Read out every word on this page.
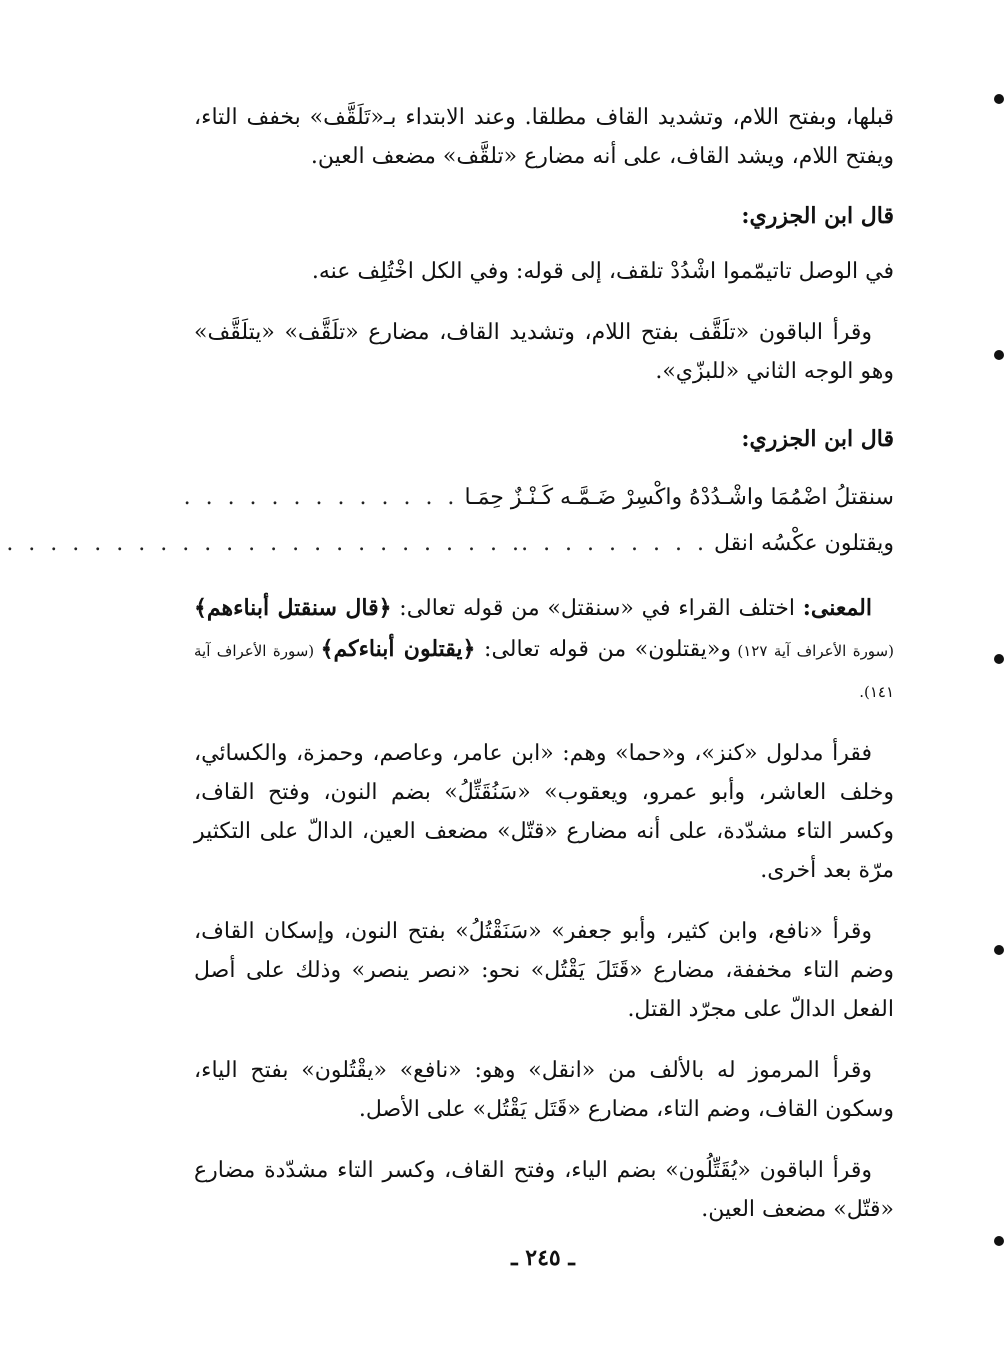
قبلها، وبفتح اللام، وتشديد القاف مطلقا. وعند الابتداء بـ«تَلَقَّف» بخفف التاء، ويفتح اللام، ويشد القاف، على أنه مضارع «تلقَّف» مضعف العين.

قال ابن الجزري:

في الوصل تاتيمّموا اشْدُدْ تلقف، إلى قوله: وفي الكل اخْتُلِف عنه.

وقرأ الباقون «تلَقَّف بفتح اللام، وتشديد القاف، مضارع «تلَقَّف» «يتلَقَّف» وهو الوجه الثاني «للبزّي».

قال ابن الجزري:
سنقتلُ اضْمُمَا واشْـدُدْهُ واكْسِرْ ضَـمَّـه كَـنْـزٌ حِمَـا
. . . . . . . . . . . . .
ويقتلون عكْسُه انقل
. . . . . . . . .
. . . . . . . . . . . . . . . . . . . . . . . .

المعنى: اختلف القراء في «سنقتل» من قوله تعالى: ﴿قال سنقتل أبناءهم﴾ (سورة الأعراف آية ١٢٧) و«يقتلون» من قوله تعالى: ﴿يقتلون أبناءكم﴾ (سورة الأعراف آية ١٤١).

فقرأ مدلول «كنز»، و«حما» وهم: «ابن عامر، وعاصم، وحمزة، والكسائي، وخلف العاشر، وأبو عمرو، ويعقوب» «سَنُقَتِّلُ» بضم النون، وفتح القاف، وكسر التاء مشدّدة، على أنه مضارع «قتّل» مضعف العين، الدالّ على التكثير مرّة بعد أخرى.

وقرأ «نافع، وابن كثير، وأبو جعفر» «سَنَقْتُلُ» بفتح النون، وإسكان القاف، وضم التاء مخففة، مضارع «قَتَلَ يَقْتُل» نحو: «نصر ينصر» وذلك على أصل الفعل الدالّ على مجرّد القتل.

وقرأ المرموز له بالألف من «انقل» وهو: «نافع» «يقْتُلون» بفتح الياء، وسكون القاف، وضم التاء، مضارع «قَتَل يَقْتُل» على الأصل.

وقرأ الباقون «يُقَتِّلُون» بضم الياء، وفتح القاف، وكسر التاء مشدّدة مضارع «قتّل» مضعف العين.

ـ ٢٤٥ ـ
